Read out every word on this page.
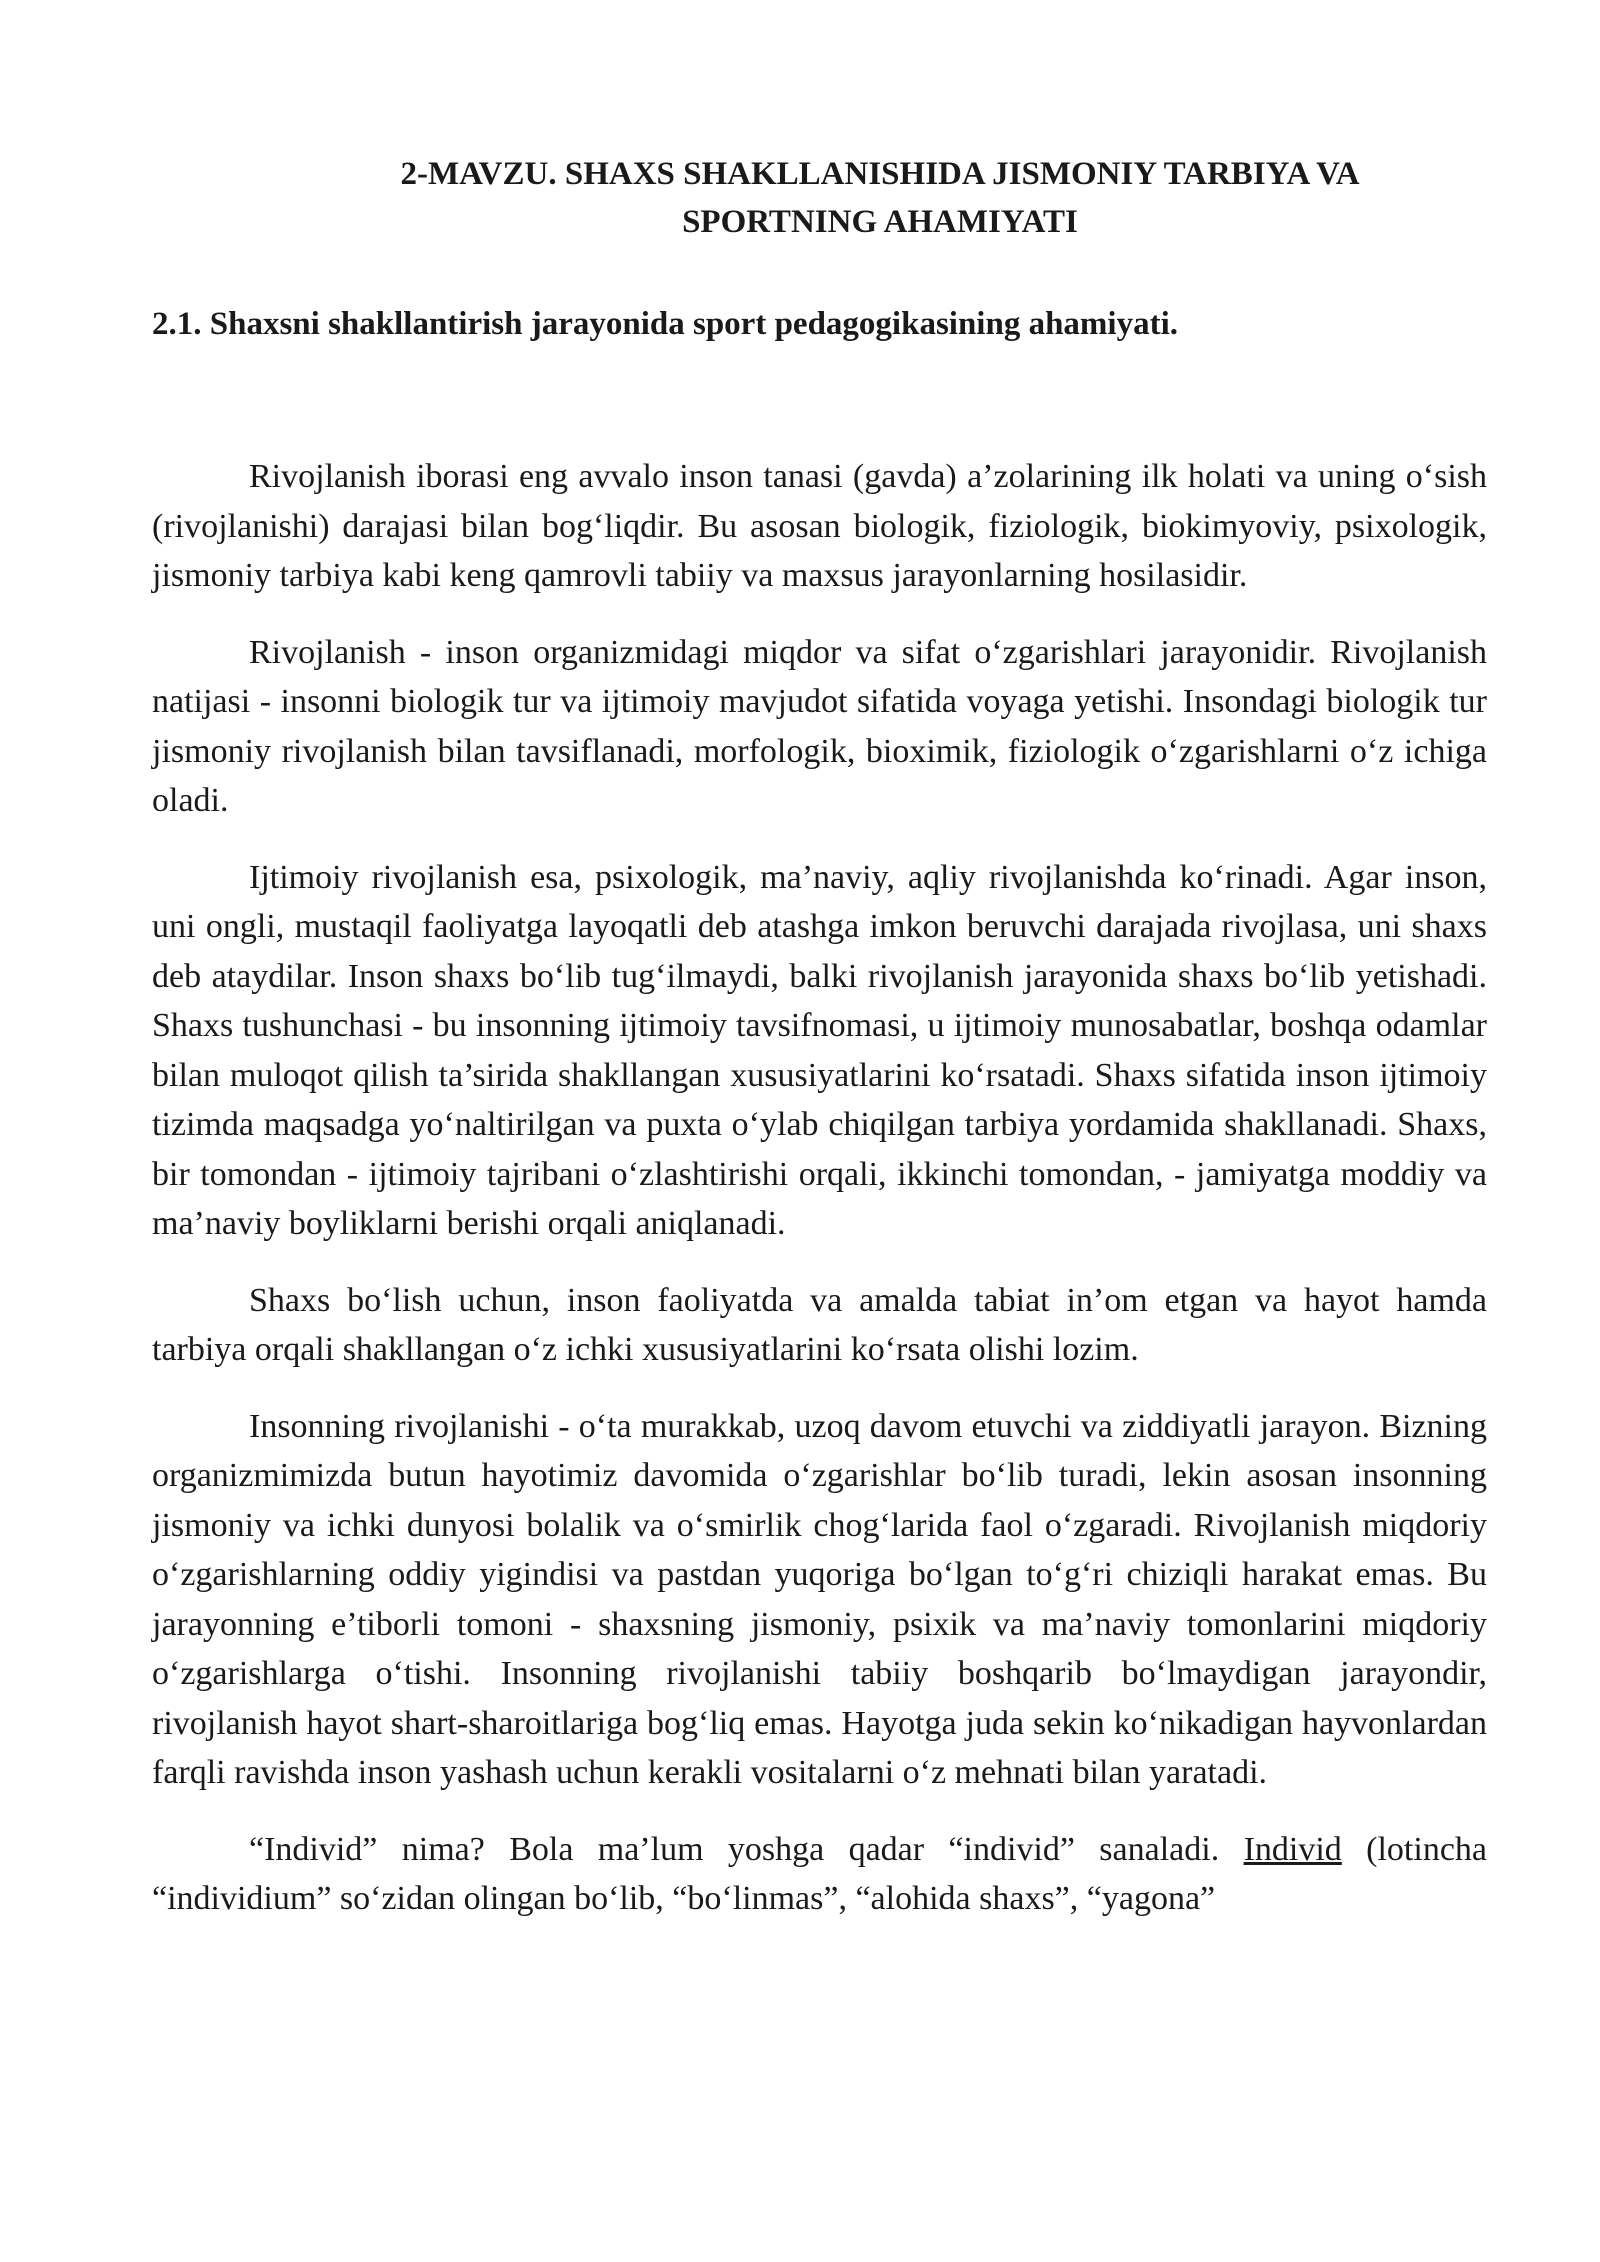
2-MAVZU. SHAXS SHAKLLANISHIDA JISMONIY TARBIYA VA
SPORTNING AHAMIYATI
2.1. Shaxsni shakllantirish jarayonida sport pedagogikasining ahamiyati.

Rivojlanish iborasi eng avvalo inson tanasi (gavda) a’zolarining ilk holati va uning o‘sish (rivojlanishi) darajasi bilan bog‘liqdir. Bu asosan biologik, fiziologik, biokimyoviy, psixologik, jismoniy tarbiya kabi keng qamrovli tabiiy va maxsus jarayonlarning hosilasidir.

Rivojlanish - inson organizmidagi miqdor va sifat o‘zgarishlari jarayonidir. Rivojlanish natijasi - insonni biologik tur va ijtimoiy mavjudot sifatida voyaga yetishi. Insondagi biologik tur jismoniy rivojlanish bilan tavsiflanadi, morfologik, bioximik, fiziologik o‘zgarishlarni o‘z ichiga oladi.

Ijtimoiy rivojlanish esa, psixologik, ma’naviy, aqliy rivojlanishda ko‘rinadi. Agar inson, uni ongli, mustaqil faoliyatga layoqatli deb atashga imkon beruvchi darajada rivojlasa, uni shaxs deb ataydilar. Inson shaxs bo‘lib tug‘ilmaydi, balki rivojlanish jarayonida shaxs bo‘lib yetishadi. Shaxs tushunchasi - bu insonning ijtimoiy tavsifnomasi, u ijtimoiy munosabatlar, boshqa odamlar bilan muloqot qilish ta’sirida shakllangan xususiyatlarini ko‘rsatadi. Shaxs sifatida inson ijtimoiy tizimda maqsadga yo‘naltirilgan va puxta o‘ylab chiqilgan tarbiya yordamida shakllanadi. Shaxs, bir tomondan - ijtimoiy tajribani o‘zlashtirishi orqali, ikkinchi tomondan, - jamiyatga moddiy va ma’naviy boyliklarni berishi orqali aniqlanadi.

Shaxs bo‘lish uchun, inson faoliyatda va amalda tabiat in’om etgan va hayot hamda tarbiya orqali shakllangan o‘z ichki xususiyatlarini ko‘rsata olishi lozim.

Insonning rivojlanishi - o‘ta murakkab, uzoq davom etuvchi va ziddiyatli jarayon. Bizning organizmimizda butun hayotimiz davomida o‘zgarishlar bo‘lib turadi, lekin asosan insonning jismoniy va ichki dunyosi bolalik va o‘smirlik chog‘larida faol o‘zgaradi. Rivojlanish miqdoriy o‘zgarishlarning oddiy yigindisi va pastdan yuqoriga bo‘lgan to‘g‘ri chiziqli harakat emas. Bu jarayonning e’tiborli tomoni - shaxsning jismoniy, psixik va ma’naviy tomonlarini miqdoriy o‘zgarishlarga o‘tishi. Insonning rivojlanishi tabiiy boshqarib bo‘lmaydigan jarayondir, rivojlanish hayot shart-sharoitlariga bog‘liq emas. Hayotga juda sekin ko‘nikadigan hayvonlardan farqli ravishda inson yashash uchun kerakli vositalarni o‘z mehnati bilan yaratadi.

“Individ” nima? Bola ma’lum yoshga qadar “individ” sanaladi. Individ (lotincha “individium” so‘zidan olingan bo‘lib, “bo‘linmas”, “alohida shaxs”, “yagona”
